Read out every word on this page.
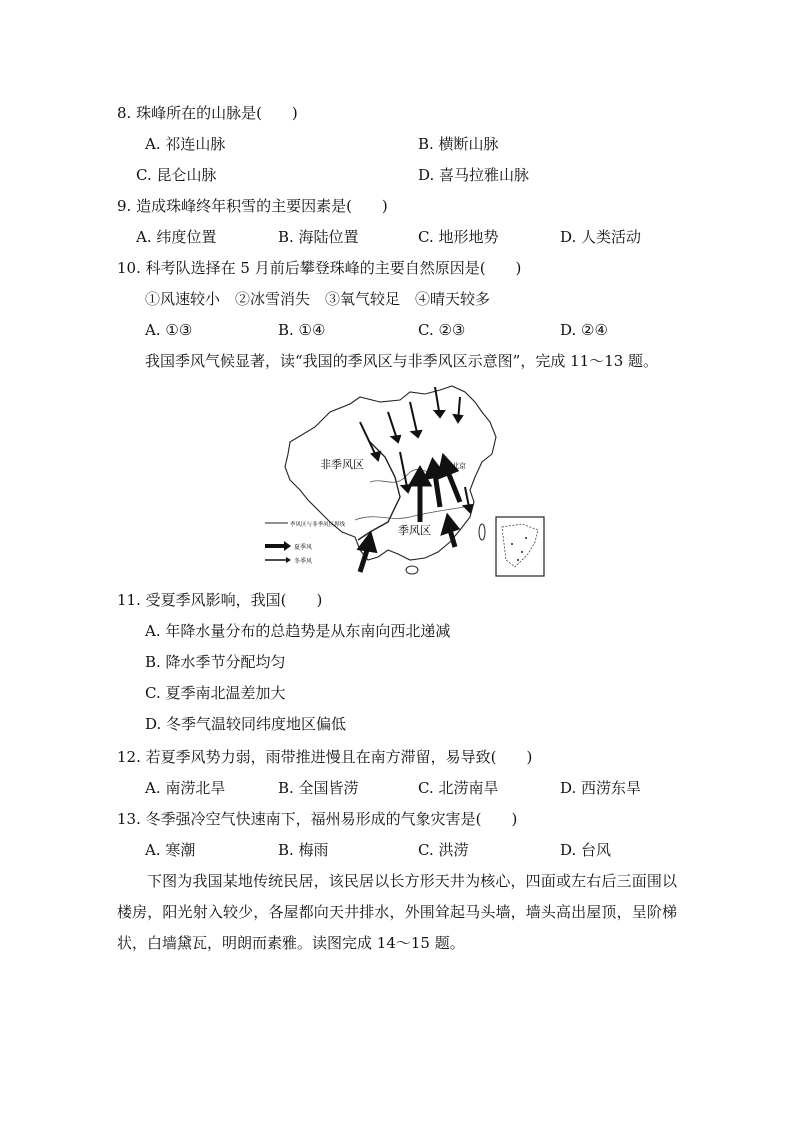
8. 珠峰所在的山脉是(　　)
A. 祁连山脉	B. 横断山脉
C. 昆仑山脉	D. 喜马拉雅山脉
9. 造成珠峰终年积雪的主要因素是(　　)
A. 纬度位置	B. 海陆位置	C. 地形地势	D. 人类活动
10. 科考队选择在 5 月前后攀登珠峰的主要自然原因是(　　)
①风速较小　②冰雪消失　③氧气较足　④晴天较多
A. ①③	B. ①④	C. ②③	D. ②④
我国季风气候显著，读“我国的季风区与非季风区示意图”，完成 11～13 题。
北京
非季风区
季风区
季风区与非季风区界线
夏季风
冬季风
11. 受夏季风影响，我国(　　)
A. 年降水量分布的总趋势是从东南向西北递减
B. 降水季节分配均匀
C. 夏季南北温差加大
D. 冬季气温较同纬度地区偏低
12. 若夏季风势力弱，雨带推进慢且在南方滞留，易导致(　　)
A. 南涝北旱	B. 全国皆涝	C. 北涝南旱	D. 西涝东旱
13. 冬季强冷空气快速南下，福州易形成的气象灾害是(　　)
A. 寒潮	B. 梅雨	C. 洪涝	D. 台风
下图为我国某地传统民居，该民居以长方形天井为核心，四面或左右后三面围以楼房，阳光射入较少，各屋都向天井排水，外围耸起马头墙，墙头高出屋顶，呈阶梯状，白墙黛瓦，明朗而素雅。读图完成 14～15 题。
